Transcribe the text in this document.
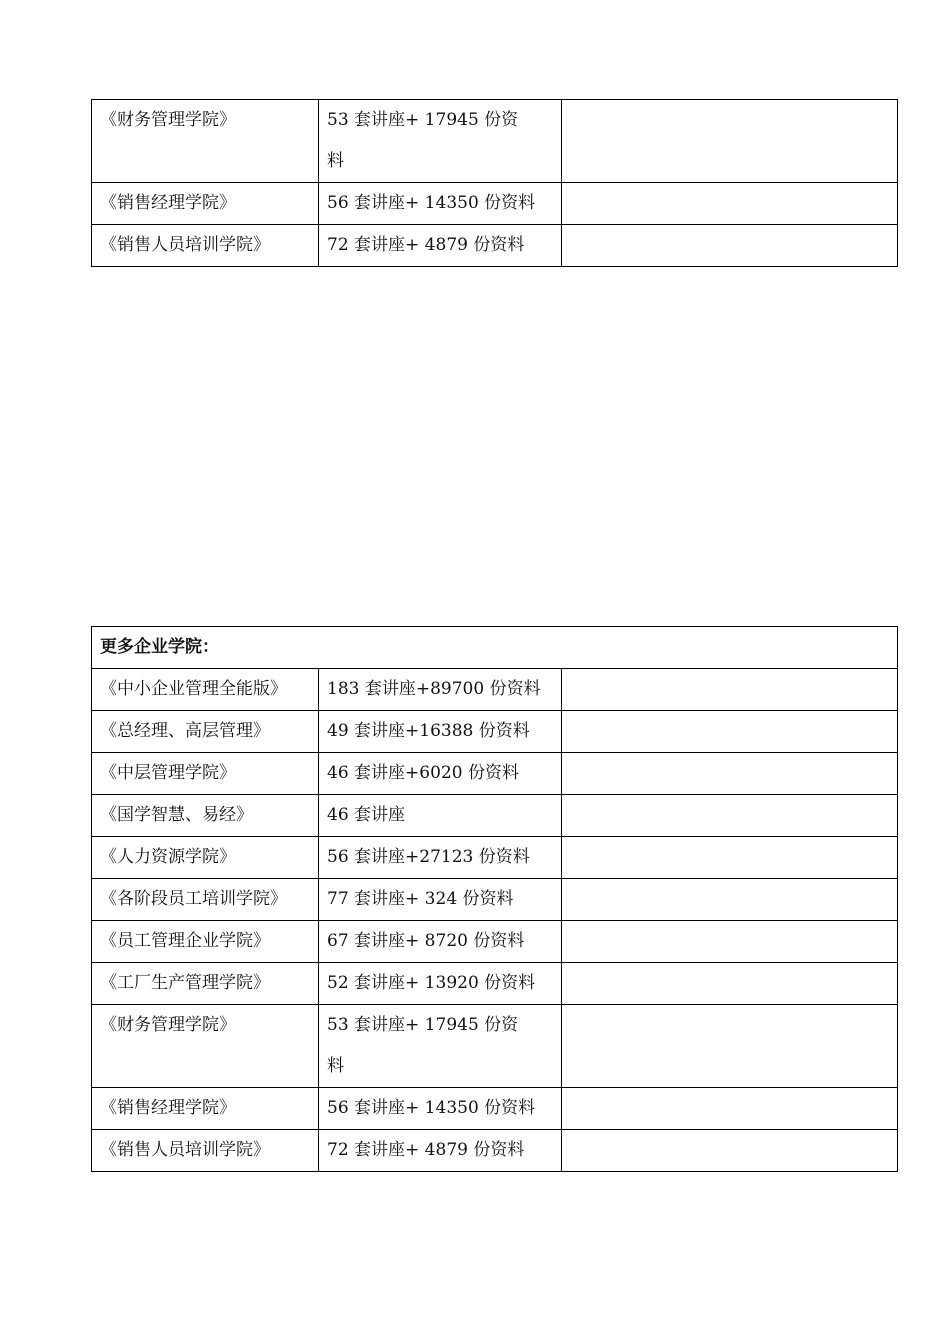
《财务管理学院》	53 套讲座+ 17945 份资料	

《销售经理学院》	56 套讲座+ 14350 份资料	

《销售人员培训学院》	72 套讲座+ 4879 份资料	

更多企业学院：		

《中小企业管理全能版》	183 套讲座+89700 份资料	

《总经理、高层管理》	49 套讲座+16388 份资料	

《中层管理学院》	46 套讲座+6020 份资料	

《国学智慧、易经》	46 套讲座	

《人力资源学院》	56 套讲座+27123 份资料	

《各阶段员工培训学院》	77 套讲座+ 324 份资料	

《员工管理企业学院》	67 套讲座+ 8720 份资料	

《工厂生产管理学院》	52 套讲座+ 13920 份资料	

《财务管理学院》	53 套讲座+ 17945 份资料	

《销售经理学院》	56 套讲座+ 14350 份资料	

《销售人员培训学院》	72 套讲座+ 4879 份资料	
